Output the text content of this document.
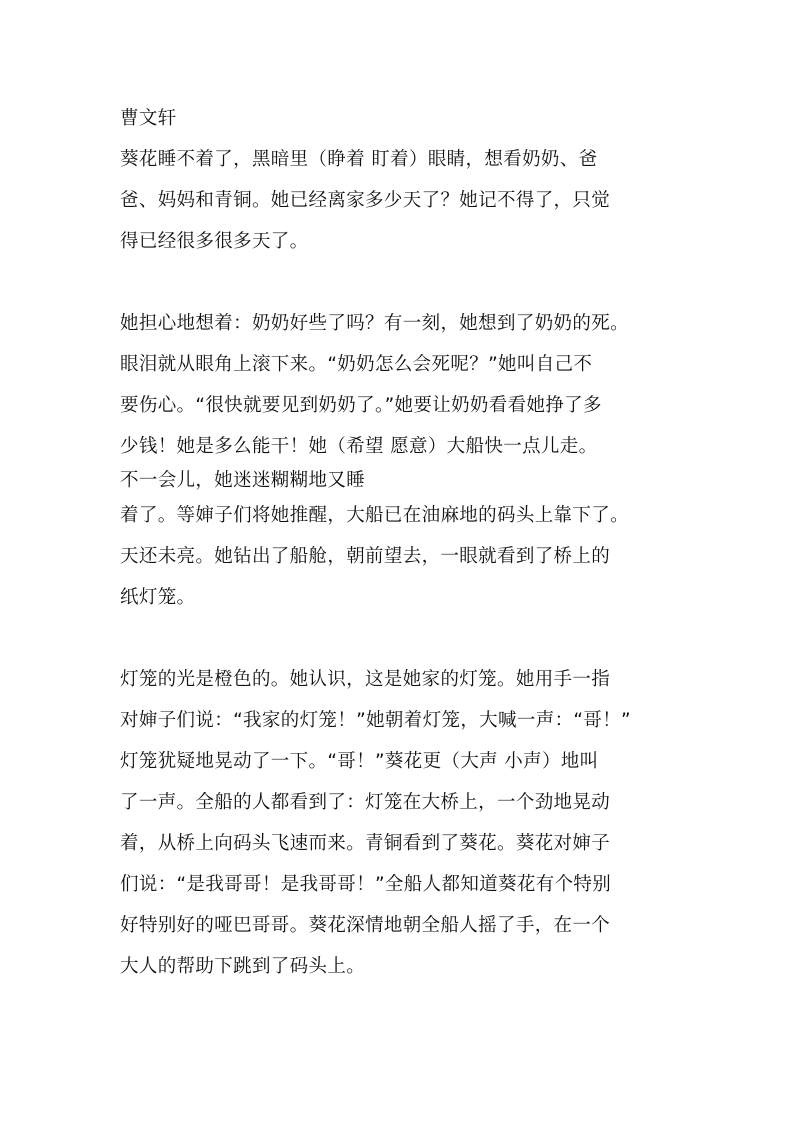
曹文轩
葵花睡不着了，黑暗里（睁着 盯着）眼睛，想看奶奶、爸
爸、妈妈和青铜。她已经离家多少天了？她记不得了，只觉
得已经很多很多天了。
她担心地想着：奶奶好些了吗？有一刻，她想到了奶奶的死。
眼泪就从眼角上滚下来。“奶奶怎么会死呢？”她叫自己不
要伤心。“很快就要见到奶奶了。”她要让奶奶看看她挣了多
少钱！她是多么能干！她（希望 愿意）大船快一点儿走。
不一会儿，她迷迷糊糊地又睡
着了。等婶子们将她推醒，大船已在油麻地的码头上靠下了。
天还未亮。她钻出了船舱，朝前望去，一眼就看到了桥上的
纸灯笼。
灯笼的光是橙色的。她认识，这是她家的灯笼。她用手一指
对婶子们说：“我家的灯笼！”她朝着灯笼，大喊一声：“哥！”
灯笼犹疑地晃动了一下。“哥！”葵花更（大声 小声）地叫
了一声。全船的人都看到了：灯笼在大桥上，一个劲地晃动
着，从桥上向码头飞速而来。青铜看到了葵花。葵花对婶子
们说：“是我哥哥！是我哥哥！”全船人都知道葵花有个特别
好特别好的哑巴哥哥。葵花深情地朝全船人摇了手，在一个
大人的帮助下跳到了码头上。
